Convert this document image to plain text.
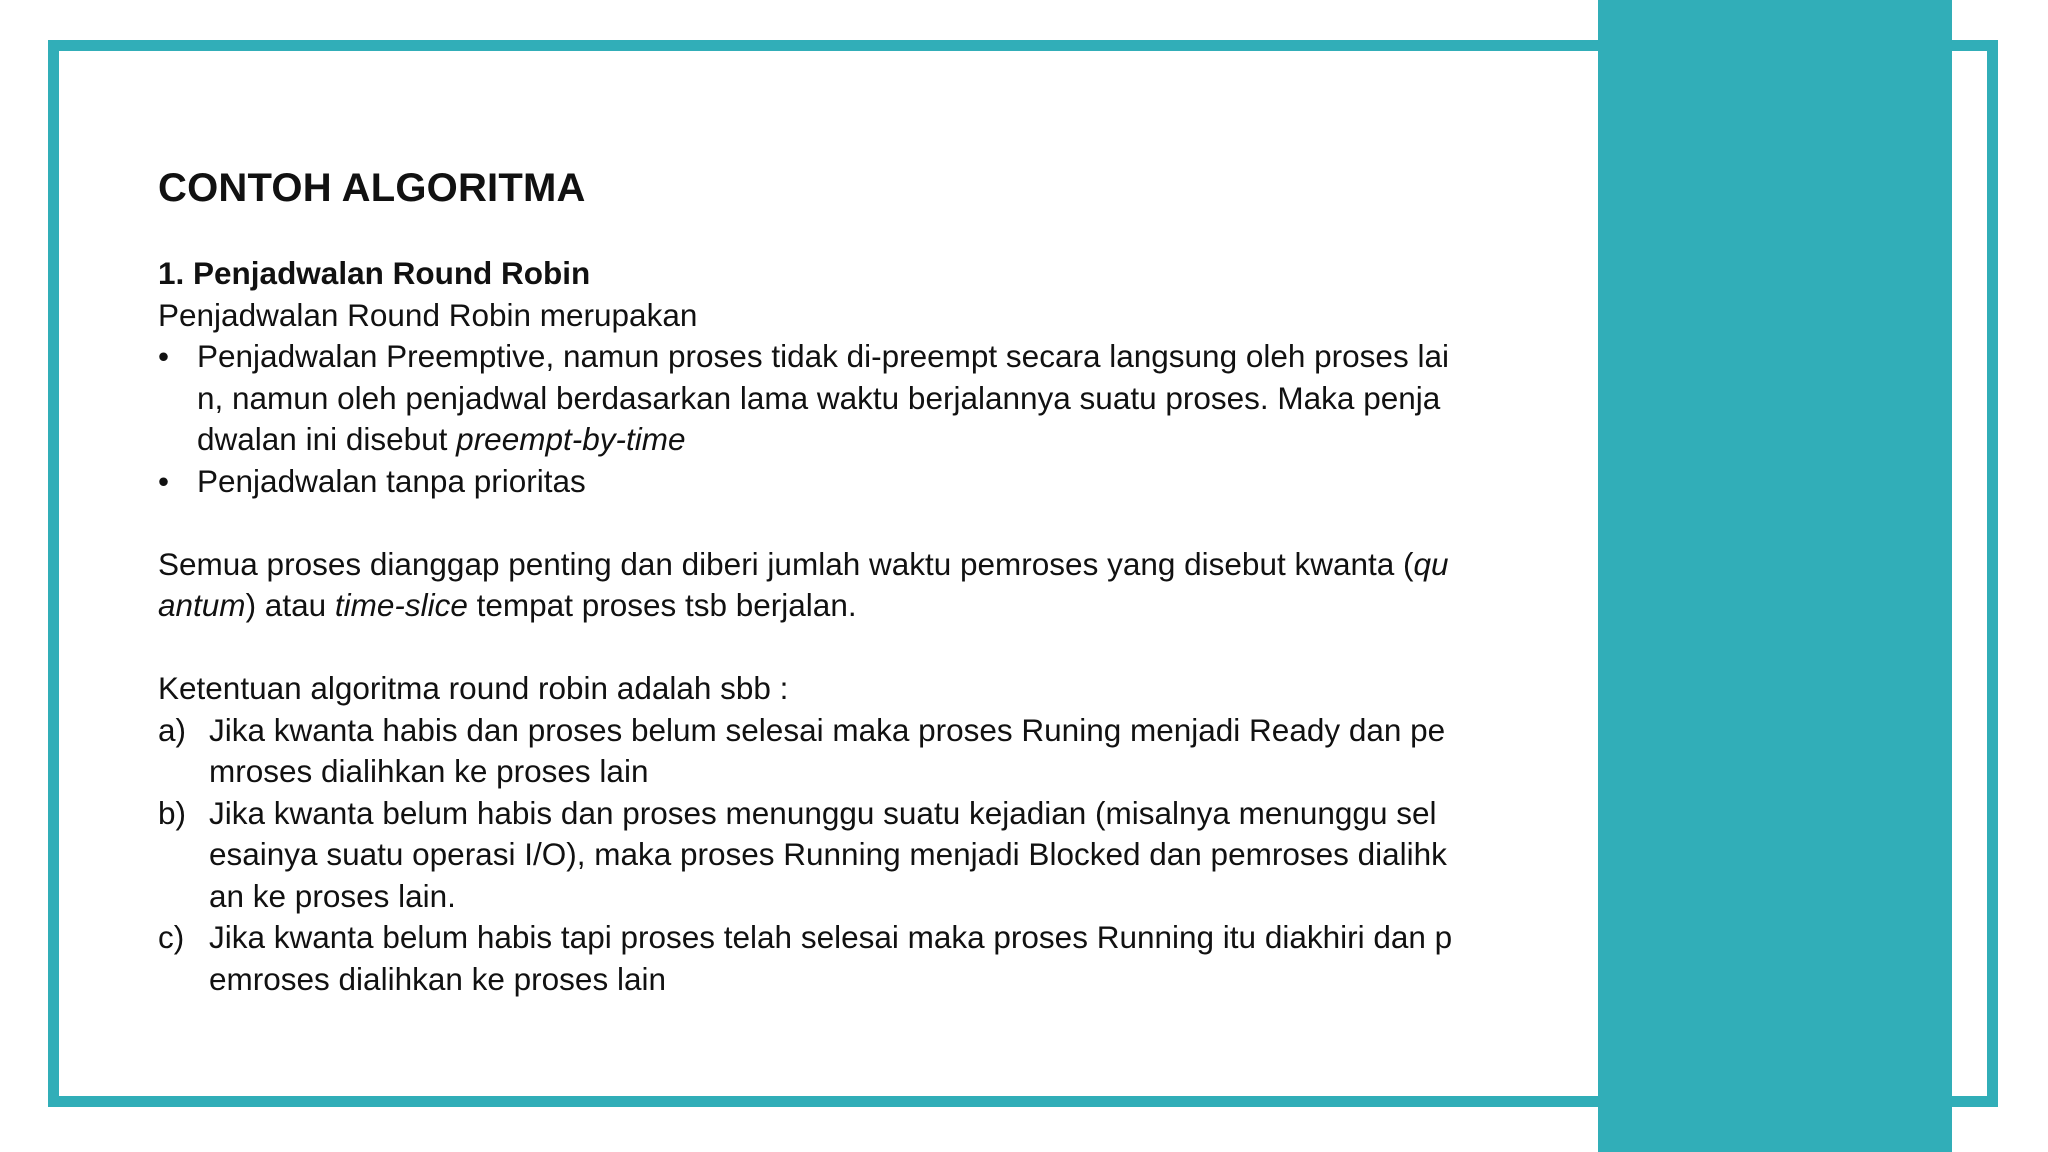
CONTOH ALGORITMA
1. Penjadwalan Round Robin
Penjadwalan Round Robin merupakan
• Penjadwalan Preemptive, namun proses tidak di-preempt secara langsung oleh proses lai
n, namun oleh penjadwal berdasarkan lama waktu berjalannya suatu proses. Maka penja
dwalan ini disebut preempt-by-time
• Penjadwalan tanpa prioritas
Semua proses dianggap penting dan diberi jumlah waktu pemroses yang disebut kwanta (qu
antum) atau time-slice tempat proses tsb berjalan.
Ketentuan algoritma round robin adalah sbb :
a) Jika kwanta habis dan proses belum selesai maka proses Runing menjadi Ready dan pe
mroses dialihkan ke proses lain
b) Jika kwanta belum habis dan proses menunggu suatu kejadian (misalnya menunggu sel
esainya suatu operasi I/O), maka proses Running menjadi Blocked dan pemroses dialihk
an ke proses lain.
c) Jika kwanta belum habis tapi proses telah selesai maka proses Running itu diakhiri dan p
emroses dialihkan ke proses lain
